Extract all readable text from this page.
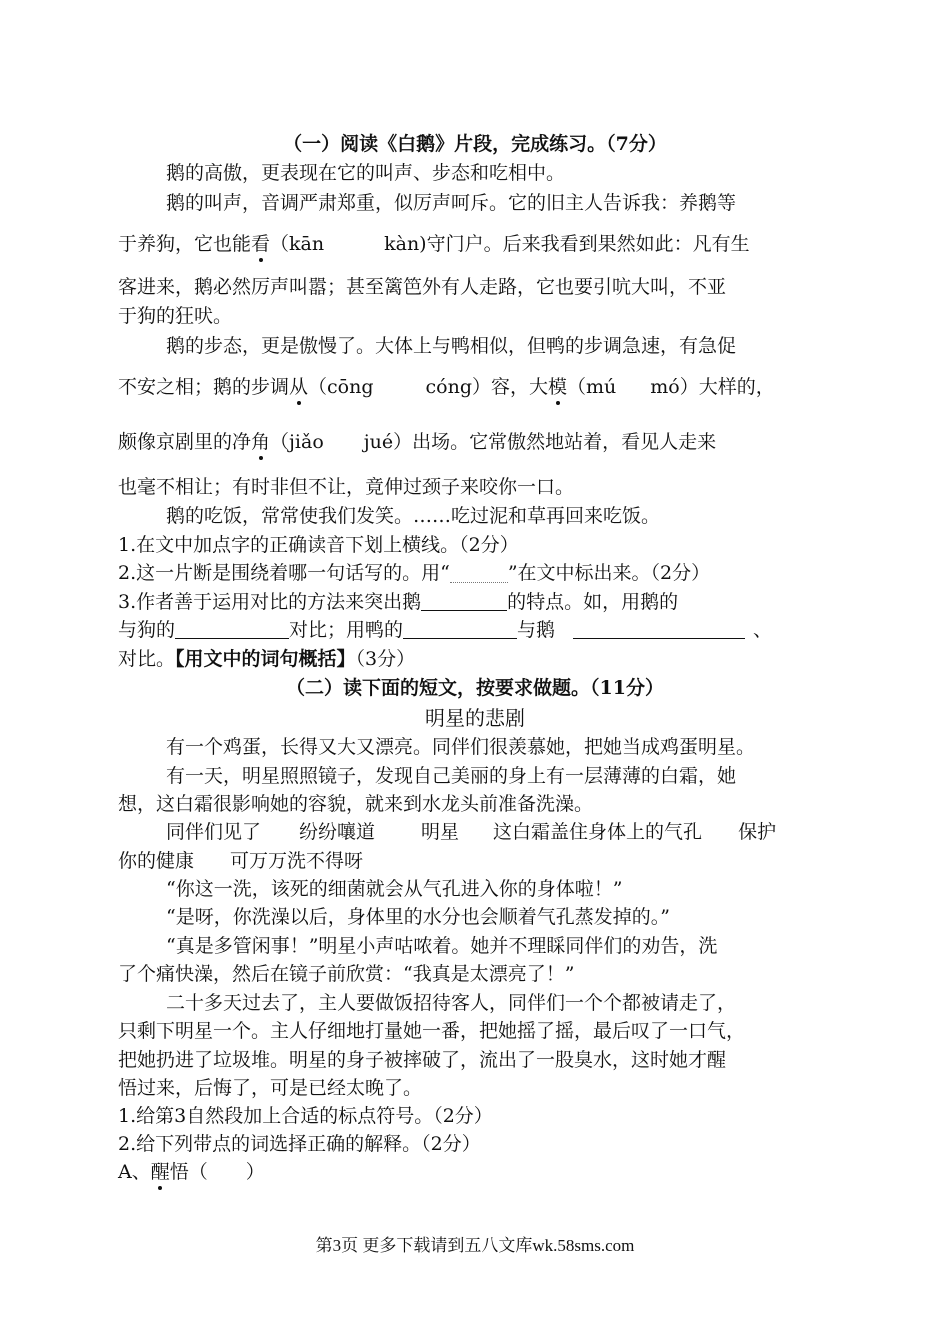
（一）阅读《白鹅》片段，完成练习。（7分）
鹅的高傲，更表现在它的叫声、步态和吃相中。
鹅的叫声，音调严肃郑重，似厉声呵斥。它的旧主人告诉我：养鹅等
于养狗，它也能看（kān	kàn)守门户。后来我看到果然如此：凡有生
客进来，鹅必然厉声叫嚣；甚至篱笆外有人走路，它也要引吭大叫，不亚
于狗的狂吠。
鹅的步态，更是傲慢了。大体上与鸭相似，但鸭的步调急速，有急促
不安之相；鹅的步调从（cōng	cóng）容，大模（mú mó）大样的，
颇像京剧里的净角（jiǎo jué）出场。它常傲然地站着，看见人走来
也毫不相让；有时非但不让，竟伸过颈子来咬你一口。
鹅的吃饭，常常使我们发笑。……吃过泥和草再回来吃饭。
1.在文中加点字的正确读音下划上横线。（2分）
2.这一片断是围绕着哪一句话写的。用“	”在文中标出来。（2分）
3.作者善于运用对比的方法来突出鹅	的特点。如，用鹅的
与狗的	对比；用鸭的	与鹅	、
对比。【用文中的词句概括】（3分）
（二）读下面的短文，按要求做题。（11分）
明星的悲剧
有一个鸡蛋，长得又大又漂亮。同伴们很羡慕她，把她当成鸡蛋明星。
有一天，明星照照镜子，发现自己美丽的身上有一层薄薄的白霜，她
想，这白霜很影响她的容貌，就来到水龙头前准备洗澡。
同伴们见了 纷纷嚷道 明星 这白霜盖住身体上的气孔 保护
你的健康 可万万洗不得呀
“你这一洗，该死的细菌就会从气孔进入你的身体啦！”
“是呀，你洗澡以后，身体里的水分也会顺着气孔蒸发掉的。”
“真是多管闲事！”明星小声咕哝着。她并不理睬同伴们的劝告，洗
了个痛快澡，然后在镜子前欣赏：“我真是太漂亮了！”
二十多天过去了，主人要做饭招待客人，同伴们一个个都被请走了，
只剩下明星一个。主人仔细地打量她一番，把她摇了摇，最后叹了一口气，
把她扔进了垃圾堆。明星的身子被摔破了，流出了一股臭水，这时她才醒
悟过来，后悔了，可是已经太晚了。
1.给第3自然段加上合适的标点符号。（2分）
2.给下列带点的词选择正确的解释。（2分）
A、醒悟（　　）
第3页 更多下载请到五八文库wk.58sms.com
